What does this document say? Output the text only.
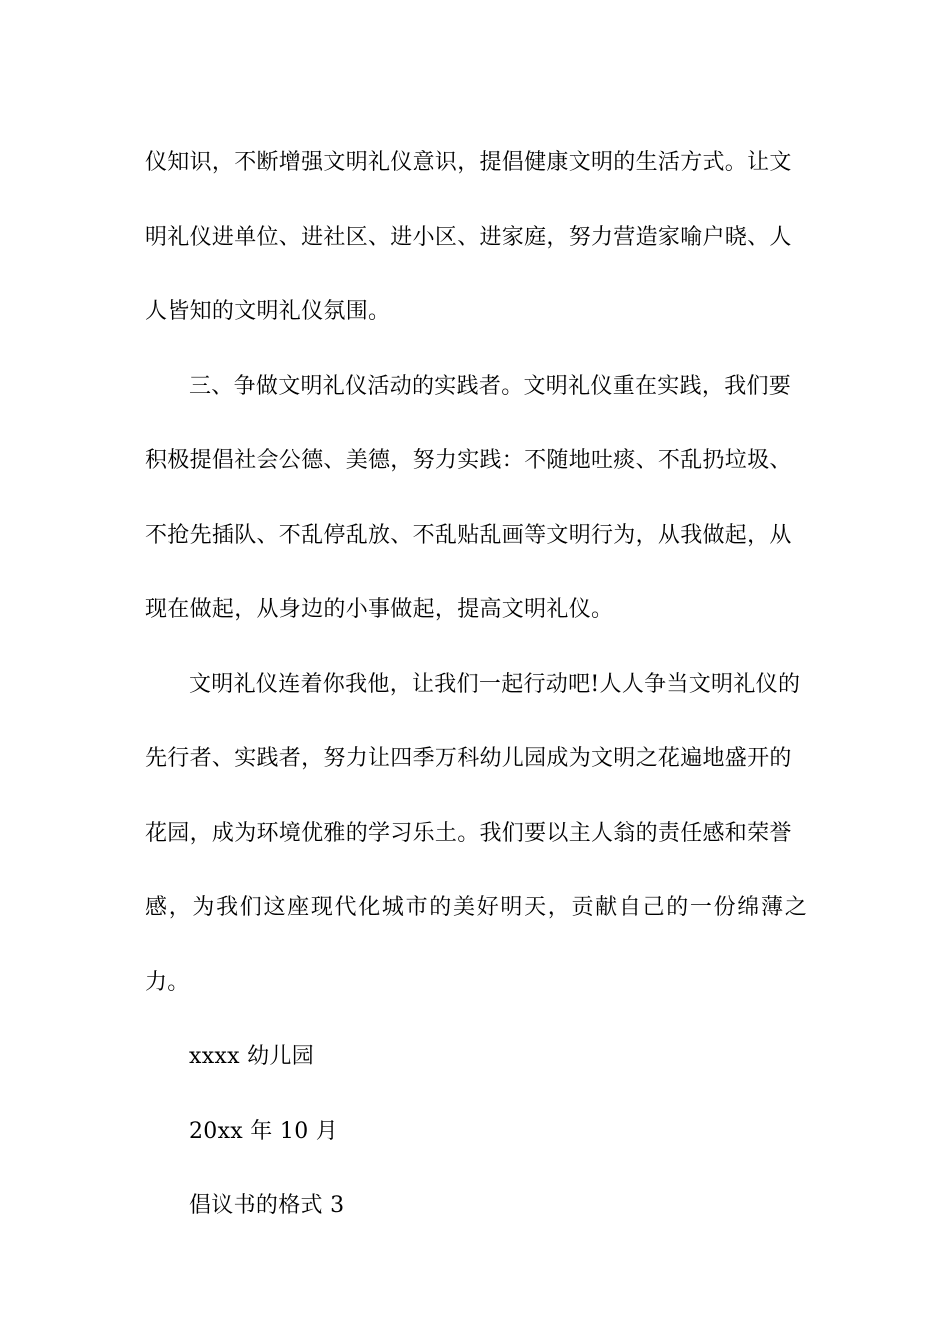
仪知识，不断增强文明礼仪意识，提倡健康文明的生活方式。让文
明礼仪进单位、进社区、进小区、进家庭，努力营造家喻户晓、人
人皆知的文明礼仪氛围。
三、争做文明礼仪活动的实践者。文明礼仪重在实践，我们要
积极提倡社会公德、美德，努力实践：不随地吐痰、不乱扔垃圾、
不抢先插队、不乱停乱放、不乱贴乱画等文明行为，从我做起，从
现在做起，从身边的小事做起，提高文明礼仪。
文明礼仪连着你我他，让我们一起行动吧!人人争当文明礼仪的
先行者、实践者，努力让四季万科幼儿园成为文明之花遍地盛开的
花园，成为环境优雅的学习乐土。我们要以主人翁的责任感和荣誉
感，为我们这座现代化城市的美好明天，贡献自己的一份绵薄之力。

xxxx 幼儿园

20xx 年 10 月

倡议书的格式 3
